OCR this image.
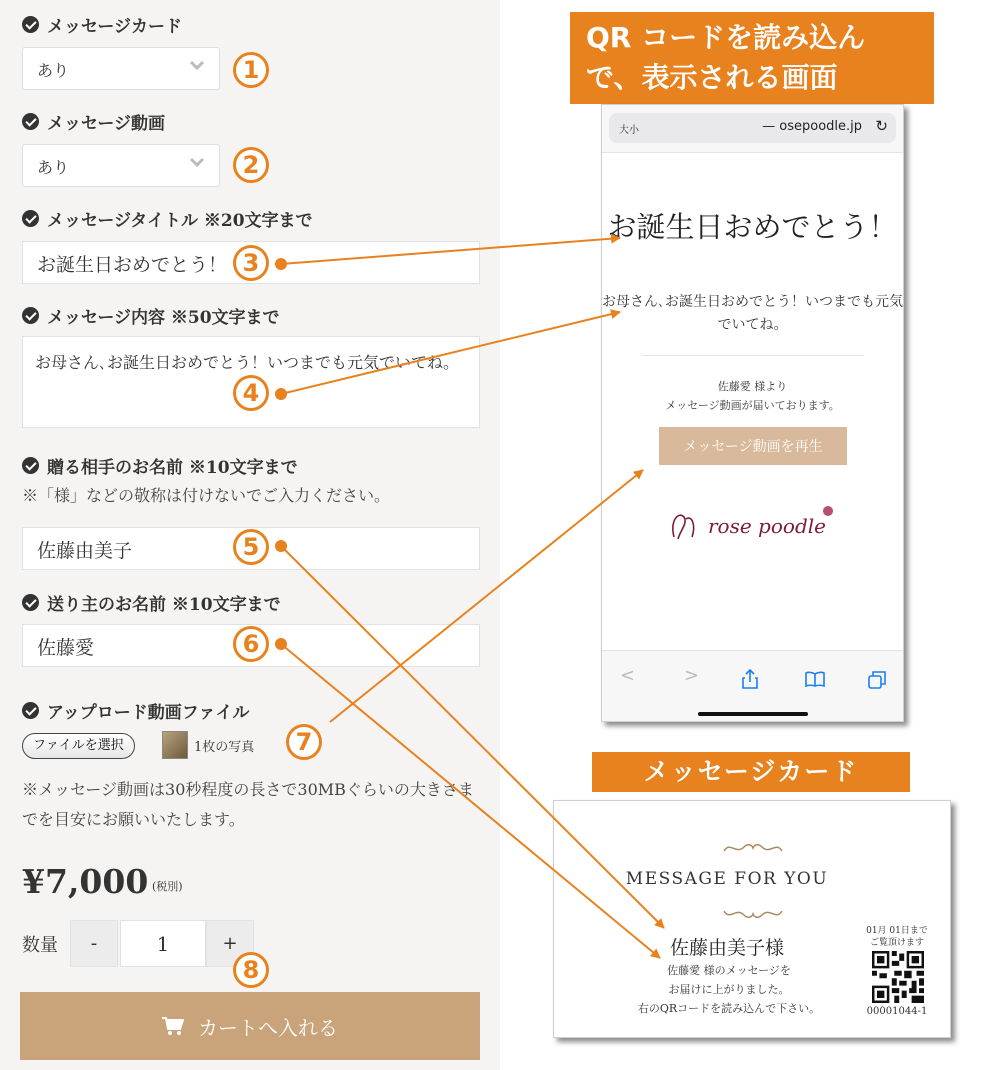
メッセージカード
あり
メッセージ動画
あり
メッセージタイトル ※20文字まで
お誕生日おめでとう！
メッセージ内容 ※50文字まで
お母さん､お誕生日おめでとう！いつまでも元気でいてね。
贈る相手のお名前 ※10文字まで
※「様」などの敬称は付けないでご入力ください。
佐藤由美子
送り主のお名前 ※10文字まで
佐藤愛
アップロード動画ファイル
ファイルを選択	1枚の写真
※メッセージ動画は30秒程度の長さで30MBぐらいの大きさまでを目安にお願いいたします。
¥7,000 (税別)
数量	-	1	+
カートへ入れる
QR コードを読み込んで、表示される画面
大小	— osepoodle.jp ↻
お誕生日おめでとう！
お母さん､お誕生日おめでとう！いつまでも元気でいてね。
佐藤愛 様より
メッセージ動画が届いております。
メッセージ動画を再生
rose poodle
<	>
メッセージカード
MESSAGE FOR YOU
佐藤由美子様
佐藤愛 様のメッセージを
お届けに上がりました。
右のQRコードを読み込んで下さい。
01月 01日まで
ご覧頂けます
00001044-1
1
2
3
4
5
6
7
8
